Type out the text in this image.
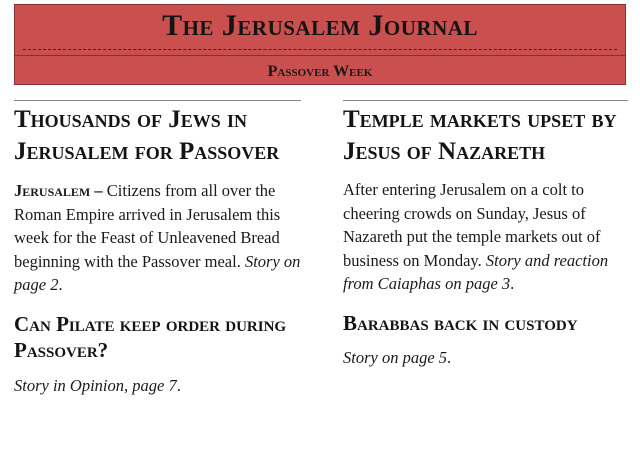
The Jerusalem Journal
Passover Week
Thousands of Jews in Jerusalem for Passover

Jerusalem – Citizens from all over the Roman Empire arrived in Jerusalem this week for the Feast of Unleavened Bread beginning with the Passover meal. Story on page 2.

Can Pilate keep order during Passover?

Story in Opinion, page 7.

Temple markets upset by Jesus of Nazareth

After entering Jerusalem on a colt to cheering crowds on Sunday, Jesus of Nazareth put the temple markets out of business on Monday. Story and reaction from Caiaphas on page 3.

Barabbas back in custody

Story on page 5.
